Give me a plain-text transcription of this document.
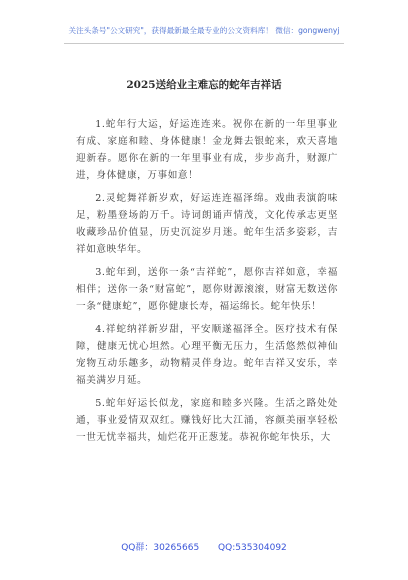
关注头条号"公文研究"，获得最新最全最专业的公文资料库！ 微信：gongwenyj
2025送给业主难忘的蛇年吉祥话

1.蛇年行大运，好运连连来。祝你在新的一年里事业有成、家庭和睦、身体健康！金龙舞去银蛇来，欢天喜地迎新春。愿你在新的一年里事业有成，步步高升，财源广进，身体健康，万事如意！

2.灵蛇舞祥新岁欢，好运连连福泽绵。戏曲表演韵味足，粉墨登场韵万千。诗词朗诵声情茂，文化传承志更坚收藏珍品价值显，历史沉淀岁月迷。蛇年生活多姿彩，吉祥如意映华年。

3.蛇年到，送你一条“吉祥蛇”，愿你吉祥如意，幸福相伴；送你一条“财富蛇”，愿你财源滚滚，财富无数送你一条“健康蛇”，愿你健康长寿，福运绵长。蛇年快乐！

4.祥蛇纳祥新岁甜，平安顺遂福泽全。医疗技术有保障，健康无忧心坦然。心理平衡无压力，生活悠然似神仙宠物互动乐趣多，动物精灵伴身边。蛇年吉祥又安乐，幸福美满岁月延。

5.蛇年好运长似龙，家庭和睦多兴隆。生活之路处处通，事业爱情双双红。赚钱好比大江涌，容颜美丽享轻松一世无忧幸福共，灿烂花开正葱茏。恭祝你蛇年快乐，大

QQ群：30265665 QQ:535304092
